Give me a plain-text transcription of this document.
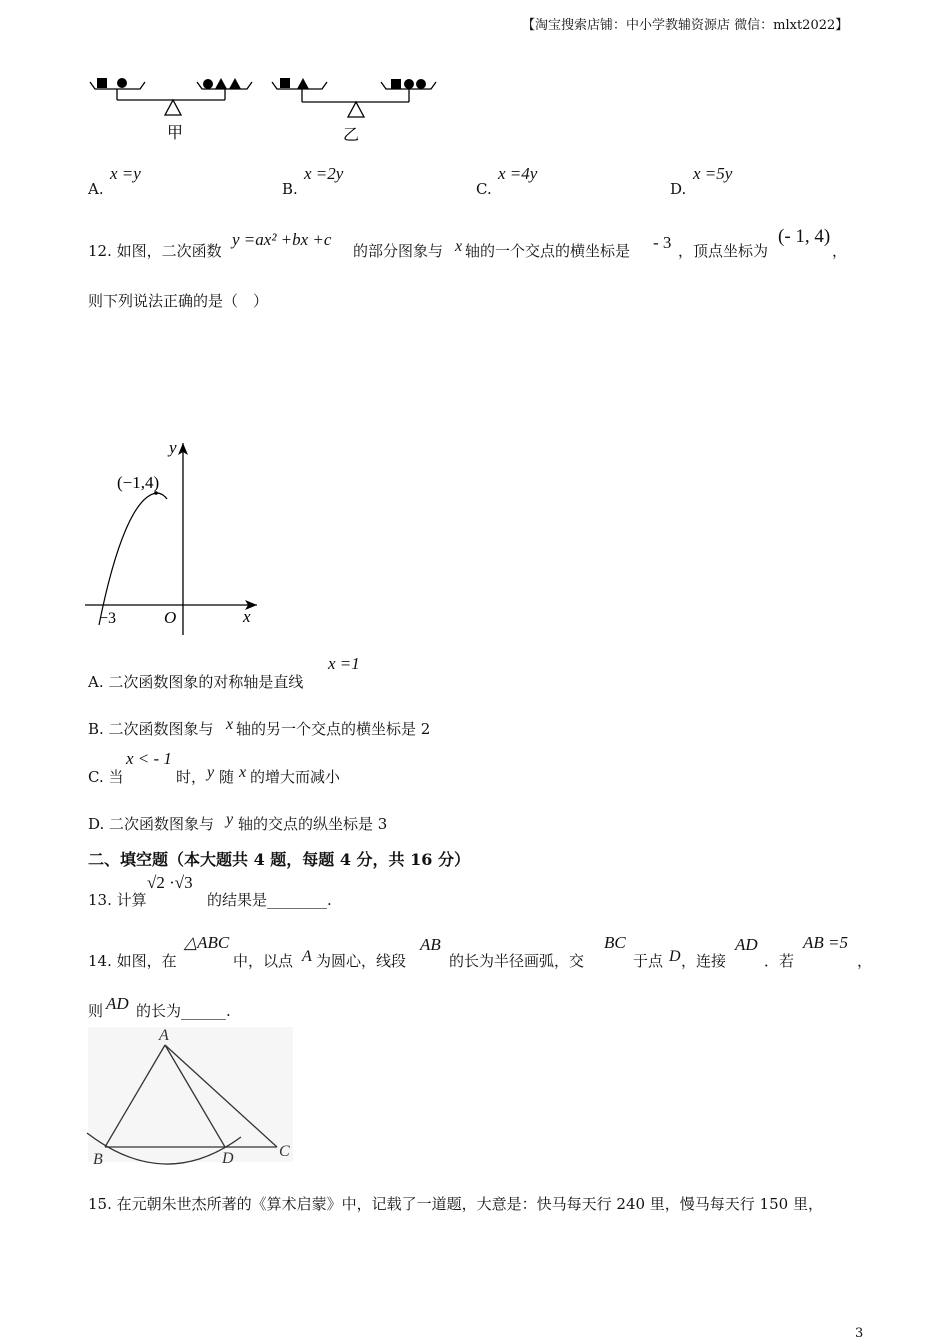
【淘宝搜索店铺：中小学教辅资源店 微信：mlxt2022】
甲	乙
A.
x =y
B.
x =2y
C.
x =4y
D.
x =5y
12. 如图，二次函数
y =ax² +bx +c
的部分图象与 x 轴的一个交点的横坐标是 - 3 ，顶点坐标为
(- 1, 4)
，
则下列说法正确的是（　）
y
x
O
−3
(−1,4)
A. 二次函数图象的对称轴是直线
x =1
B. 二次函数图象与 x 轴的另一个交点的横坐标是 2
C. 当
x < - 1
时， y 随 x 的增大而减小
D. 二次函数图象与 y 轴的交点的纵坐标是 3
二、填空题（本大题共 4 题，每题 4 分，共 16 分）
13. 计算
√2 ·√3
的结果是________.
14. 如图，在
△ABC
中，以点 A 为圆心，线段
AB
的长为半径画弧，交
BC
于点 D ，连接
AD
．若
AB =5
，
则 AD 的长为______.
A
B	C
D
15. 在元朝朱世杰所著的《算术启蒙》中，记载了一道题，大意是：快马每天行 240 里，慢马每天行 150 里，
3
